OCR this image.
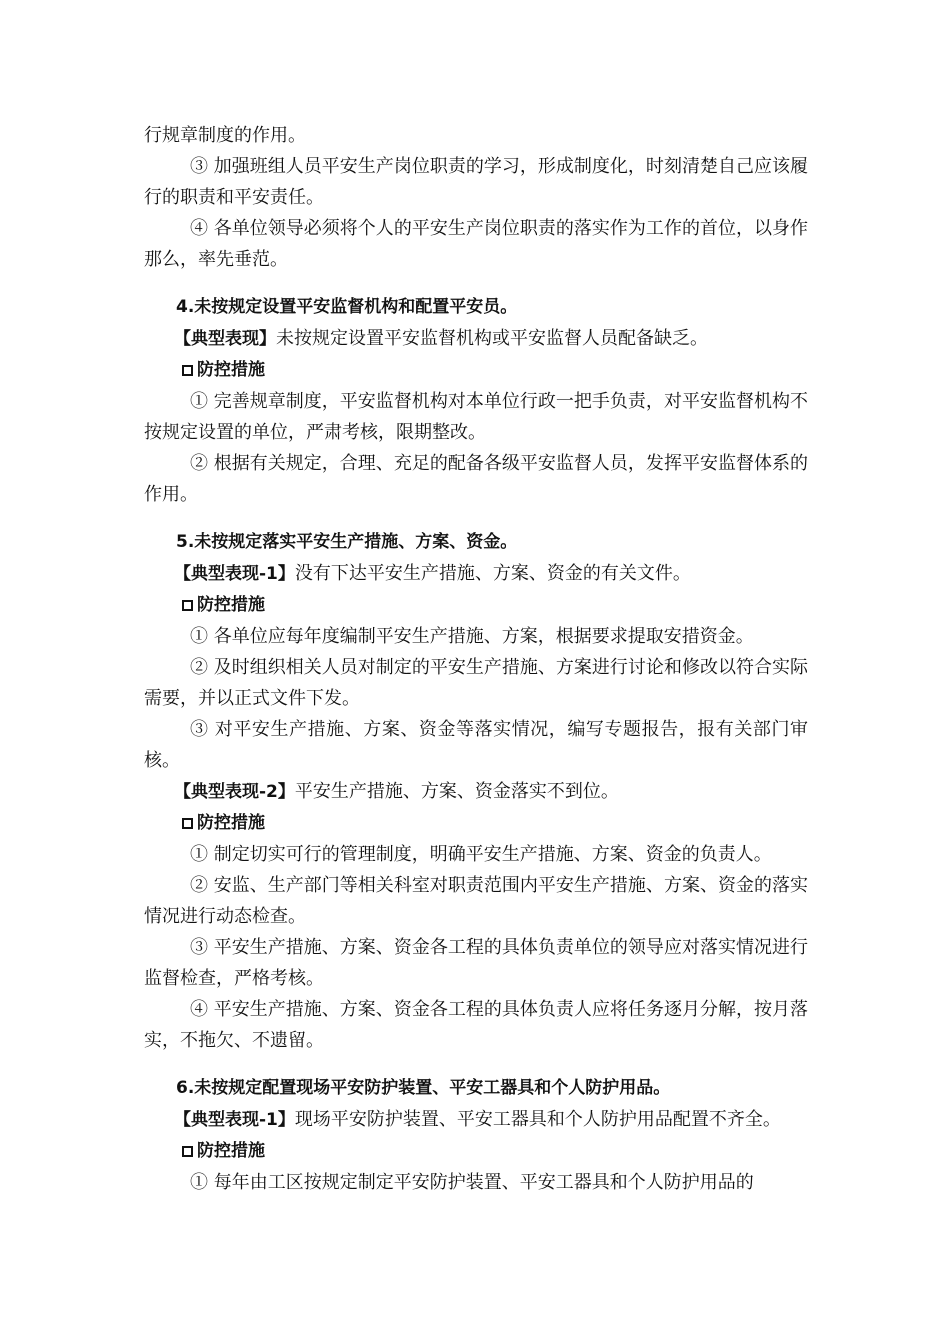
行规章制度的作用。

③ 加强班组人员平安生产岗位职责的学习，形成制度化，时刻清楚自己应该履行的职责和平安责任。

④ 各单位领导必须将个人的平安生产岗位职责的落实作为工作的首位，以身作那么，率先垂范。

4.未按规定设置平安监督机构和配置平安员。

【典型表现】未按规定设置平安监督机构或平安监督人员配备缺乏。

防控措施

① 完善规章制度，平安监督机构对本单位行政一把手负责，对平安监督机构不按规定设置的单位，严肃考核，限期整改。

② 根据有关规定，合理、充足的配备各级平安监督人员，发挥平安监督体系的作用。

5.未按规定落实平安生产措施、方案、资金。

【典型表现-1】没有下达平安生产措施、方案、资金的有关文件。

防控措施

① 各单位应每年度编制平安生产措施、方案，根据要求提取安措资金。

② 及时组织相关人员对制定的平安生产措施、方案进行讨论和修改以符合实际需要，并以正式文件下发。

③ 对平安生产措施、方案、资金等落实情况，编写专题报告，报有关部门审核。

【典型表现-2】平安生产措施、方案、资金落实不到位。

防控措施

① 制定切实可行的管理制度，明确平安生产措施、方案、资金的负责人。

② 安监、生产部门等相关科室对职责范围内平安生产措施、方案、资金的落实情况进行动态检查。

③ 平安生产措施、方案、资金各工程的具体负责单位的领导应对落实情况进行监督检查，严格考核。

④ 平安生产措施、方案、资金各工程的具体负责人应将任务逐月分解，按月落实，不拖欠、不遗留。

6.未按规定配置现场平安防护装置、平安工器具和个人防护用品。

【典型表现-1】现场平安防护装置、平安工器具和个人防护用品配置不齐全。

防控措施

① 每年由工区按规定制定平安防护装置、平安工器具和个人防护用品的
